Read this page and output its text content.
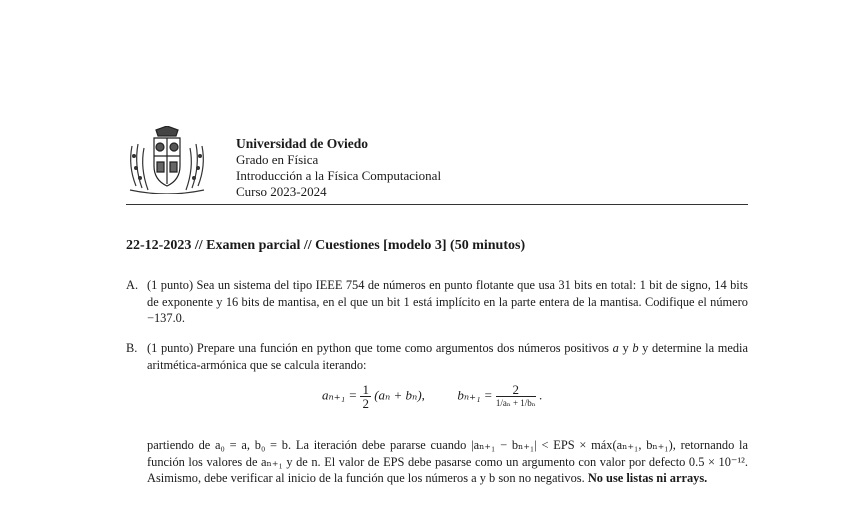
Universidad de Oviedo
Grado en Física
Introducción a la Física Computacional
Curso 2023-2024
22-12-2023 // Examen parcial // Cuestiones [modelo 3] (50 minutos)
A. (1 punto) Sea un sistema del tipo IEEE 754 de números en punto flotante que usa 31 bits en total: 1 bit de signo, 14 bits de exponente y 16 bits de mantisa, en el que un bit 1 está implícito en la parte entera de la mantisa. Codifique el número −137.0.
B. (1 punto) Prepare una función en python que tome como argumentos dos números positivos a y b y determine la media aritmética-armónica que se calcula iterando:
$a_{n+1} = \frac{1}{2} (a_n + b_n)$,	$b_{n+1} = \frac{2}{\text{1/aₙ + 1/bₙ}}$ .
partiendo de a₀ = a, b₀ = b. La iteración debe pararse cuando |aₙ₊₁ − bₙ₊₁| < EPS × máx(aₙ₊₁, bₙ₊₁), retornando la función los valores de aₙ₊₁ y de n. El valor de EPS debe pasarse como un argumento con valor por defecto 0.5 × 10⁻¹². Asimismo, debe verificar al inicio de la función que los números a y b son no negativos. No use listas ni arrays.
